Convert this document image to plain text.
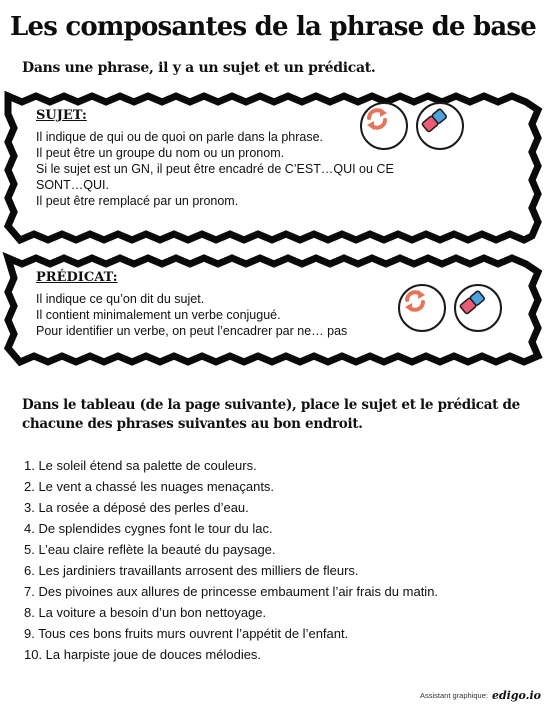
Les composantes de la phrase de base
Dans une phrase, il y a un sujet et un prédicat.
SUJET:
Il indique de qui ou de quoi on parle dans la phrase.
Il peut être un groupe du nom ou un pronom.
Si le sujet est un GN, il peut être encadré de C’EST…QUI ou CE
SONT…QUI.
Il peut être remplacé par un pronom.
PRÉDICAT:
Il indique ce qu’on dit du sujet.
Il contient minimalement un verbe conjugué.
Pour identifier un verbe, on peut l’encadrer par ne… pas
Dans le tableau (de la page suivante), place le sujet et le prédicat de chacune des phrases suivantes au bon endroit.
1. Le soleil étend sa palette de couleurs.
2. Le vent a chassé les nuages menaçants.
3. La rosée a déposé des perles d’eau.
4. De splendides cygnes font le tour du lac.
5. L’eau claire reflète la beauté du paysage.
6. Les jardiniers travaillants arrosent des milliers de fleurs.
7. Des pivoines aux allures de princesse embaument l’air frais du matin.
8. La voiture a besoin d’un bon nettoyage.
9. Tous ces bons fruits murs ouvrent l’appétit de l’enfant.
10. La harpiste joue de douces mélodies.
Assistant graphique: edigo.io
